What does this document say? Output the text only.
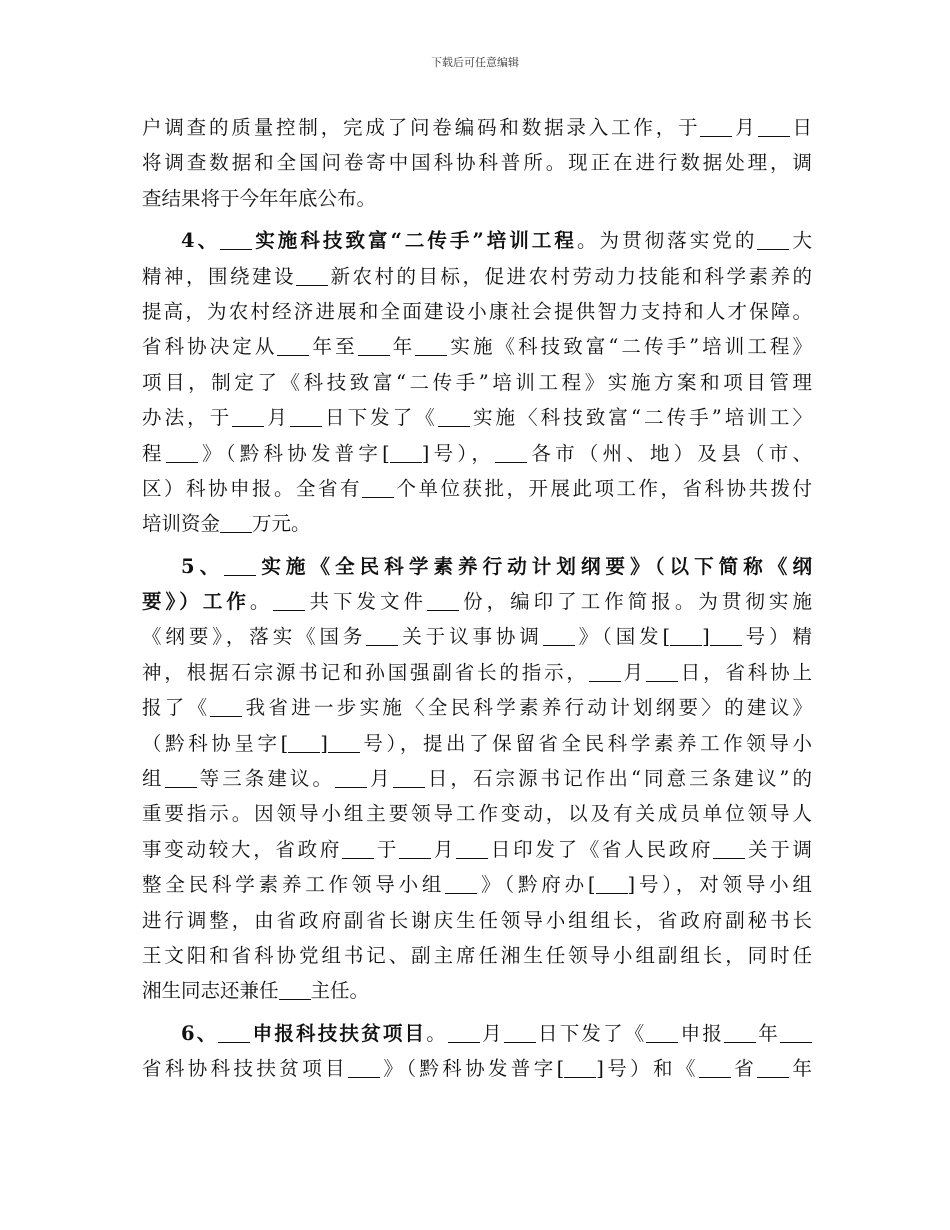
下载后可任意编辑
户调查的质量控制，完成了问卷编码和数据录入工作，于 月 日
将调查数据和全国问卷寄中国科协科普所。现正在进行数据处理，调
查结果将于今年年底公布。
4、 实施科技致富“二传手”培训工程。为贯彻落实党的 大
精神，围绕建设 新农村的目标，促进农村劳动力技能和科学素养的
提高，为农村经济进展和全面建设小康社会提供智力支持和人才保障。
省科协决定从 年至 年 实施《科技致富“二传手”培训工程》
项目，制定了《科技致富“二传手”培训工程》实施方案和项目管理
办法，于 月 日下发了《 实施〈科技致富“二传手”培训工〉
程 》（黔科协发普字[ ]号）， 各市（州、地）及县（市、
区）科协申报。全省有 个单位获批，开展此项工作，省科协共拨付
培训资金 万元。
5、 实施《全民科学素养行动计划纲要》（以下简称《纲
要》）工作。 共下发文件 份，编印了工作简报。为贯彻实施
《纲要》，落实《国务 关于议事协调 》（国发[ ] 号）精
神，根据石宗源书记和孙国强副省长的指示， 月 日，省科协上
报了《 我省进一步实施〈全民科学素养行动计划纲要〉的建议》
（黔科协呈字[ ] 号），提出了保留省全民科学素养工作领导小
组 等三条建议。 月 日，石宗源书记作出“同意三条建议”的
重要指示。因领导小组主要领导工作变动，以及有关成员单位领导人
事变动较大，省政府 于 月 日印发了《省人民政府 关于调
整全民科学素养工作领导小组 》（黔府办[ ]号），对领导小组
进行调整，由省政府副省长谢庆生任领导小组组长，省政府副秘书长
王文阳和省科协党组书记、副主席任湘生任领导小组副组长，同时任
湘生同志还兼任 主任。
6、 申报科技扶贫项目。 月 日下发了《 申报 年
省科协科技扶贫项目 》（黔科协发普字[ ]号）和《 省 年
